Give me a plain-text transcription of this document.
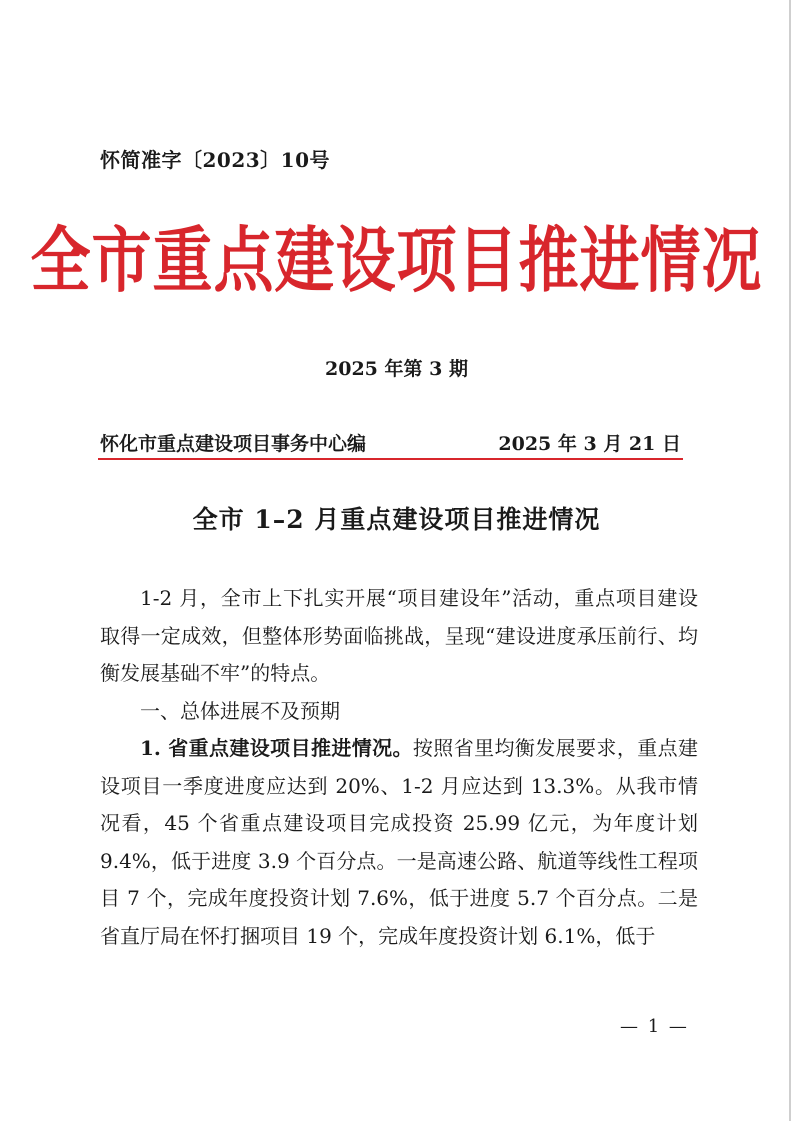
怀简准字〔2023〕10号
全市重点建设项目推进情况
2025 年第 3 期
怀化市重点建设项目事务中心编	2025 年 3 月 21 日
全市 1–2 月重点建设项目推进情况

1-2 月，全市上下扎实开展“项目建设年”活动，重点项目建设取得一定成效，但整体形势面临挑战，呈现“建设进度承压前行、均衡发展基础不牢”的特点。

一、总体进展不及预期

1. 省重点建设项目推进情况。按照省里均衡发展要求，重点建设项目一季度进度应达到 20%、1-2 月应达到 13.3%。从我市情况看，45 个省重点建设项目完成投资 25.99 亿元，为年度计划 9.4%，低于进度 3.9 个百分点。一是高速公路、航道等线性工程项目 7 个，完成年度投资计划 7.6%，低于进度 5.7 个百分点。二是省直厅局在怀打捆项目 19 个，完成年度投资计划 6.1%，低于

— 1 —
